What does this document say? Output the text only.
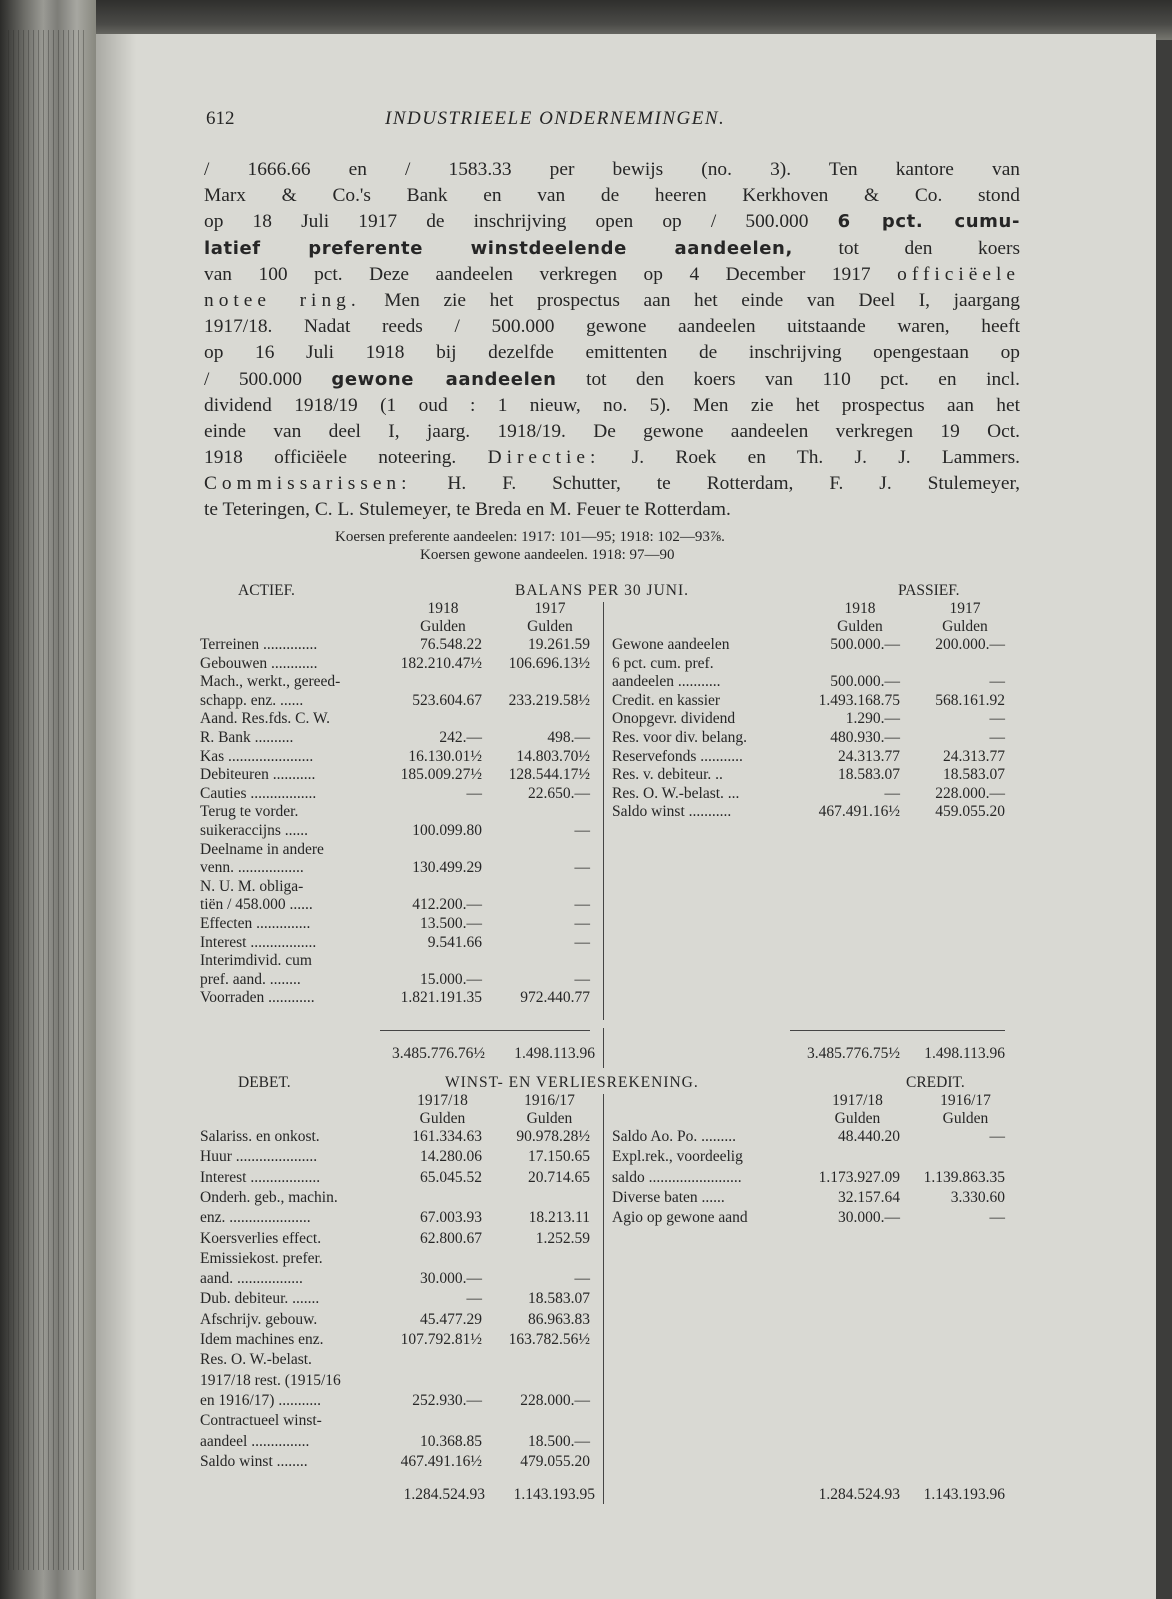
612	INDUSTRIEELE ONDERNEMINGEN.
/ 1666.66 en / 1583.33 per bewijs (no. 3). Ten kantore van
Marx & Co.'s Bank en van de heeren Kerkhoven & Co. stond
op 18 Juli 1917 de inschrijving open op / 500.000 6 pct. cumu-
latief preferente winstdeelende aandeelen, tot den koers
van 100 pct. Deze aandeelen verkregen op 4 December 1917 officiëele
notee ring. Men zie het prospectus aan het einde van Deel I, jaargang
1917/18. Nadat reeds / 500.000 gewone aandeelen uitstaande waren, heeft
op 16 Juli 1918 bij dezelfde emittenten de inschrijving opengestaan op
/ 500.000 gewone aandeelen tot den koers van 110 pct. en incl.
dividend 1918/19 (1 oud : 1 nieuw, no. 5). Men zie het prospectus aan het
einde van deel I, jaarg. 1918/19. De gewone aandeelen verkregen 19 Oct.
1918 officiëele noteering. Directie: J. Roek en Th. J. J. Lammers.
Commissarissen: H. F. Schutter, te Rotterdam, F. J. Stulemeyer,
te Teteringen, C. L. Stulemeyer, te Breda en M. Feuer te Rotterdam.
Koersen preferente aandeelen: 1917: 101—95; 1918: 102—93⅞.
Koersen gewone aandeelen. 1918: 97—90
ACTIEF.	BALANS PER 30 JUNI.	PASSIEF.
1918	1917
Gulden	Gulden
1918	1917
Gulden	Gulden
Terreinen ..............	76.548.22	19.261.59
Gebouwen ............	182.210.47½	106.696.13½
Mach., werkt., gereed-
schapp. enz. ......	523.604.67	233.219.58½
Aand. Res.fds. C. W.
R. Bank ..........	242.—	498.—
Kas ......................	16.130.01½	14.803.70½
Debiteuren ...........	185.009.27½	128.544.17½
Cauties .................	—	22.650.—
Terug te vorder.
suikeraccijns ......	100.099.80	—
Deelname in andere
venn. .................	130.499.29	—
N. U. M. obliga-
tiën / 458.000 ......	412.200.—	—
Effecten ..............	13.500.—	—
Interest .................	9.541.66	—
Interimdivid. cum
pref. aand. ........	15.000.—	—
Voorraden ............	1.821.191.35	972.440.77
Gewone aandeelen	500.000.—	200.000.—
6 pct. cum. pref.
aandeelen ...........	500.000.—	—
Credit. en kassier	1.493.168.75	568.161.92
Onopgevr. dividend	1.290.—	—
Res. voor div. belang.	480.930.—	—
Reservefonds ...........	24.313.77	24.313.77
Res. v. debiteur. ..	18.583.07	18.583.07
Res. O. W.-belast. ...	—	228.000.—
Saldo winst ...........	467.491.16½	459.055.20
3.485.776.76½	1.498.113.96	3.485.776.75½	1.498.113.96
DEBET.	WINST- EN VERLIESREKENING.	CREDIT.
1917/18	1916/17
Gulden	Gulden
1917/18	1916/17
Gulden	Gulden
Salariss. en onkost.	161.334.63	90.978.28½
Huur .....................	14.280.06	17.150.65
Interest ..................	65.045.52	20.714.65
Onderh. geb., machin.
enz. .....................	67.003.93	18.213.11
Koersverlies effect.	62.800.67	1.252.59
Emissiekost. prefer.
aand. .................	30.000.—	—
Dub. debiteur. .......	—	18.583.07
Afschrijv. gebouw.	45.477.29	86.963.83
Idem machines enz.	107.792.81½	163.782.56½
Res. O. W.-belast.
1917/18 rest. (1915/16
en 1916/17) ...........	252.930.—	228.000.—
Contractueel winst-
aandeel ...............	10.368.85	18.500.—
Saldo winst ........	467.491.16½	479.055.20
Saldo Ao. Po. .........	48.440.20	—
Expl.rek., voordeelig
saldo ........................	1.173.927.09	1.139.863.35
Diverse baten ......	32.157.64	3.330.60
Agio op gewone aand	30.000.—	—
1.284.524.93	1.143.193.95	1.284.524.93	1.143.193.96
